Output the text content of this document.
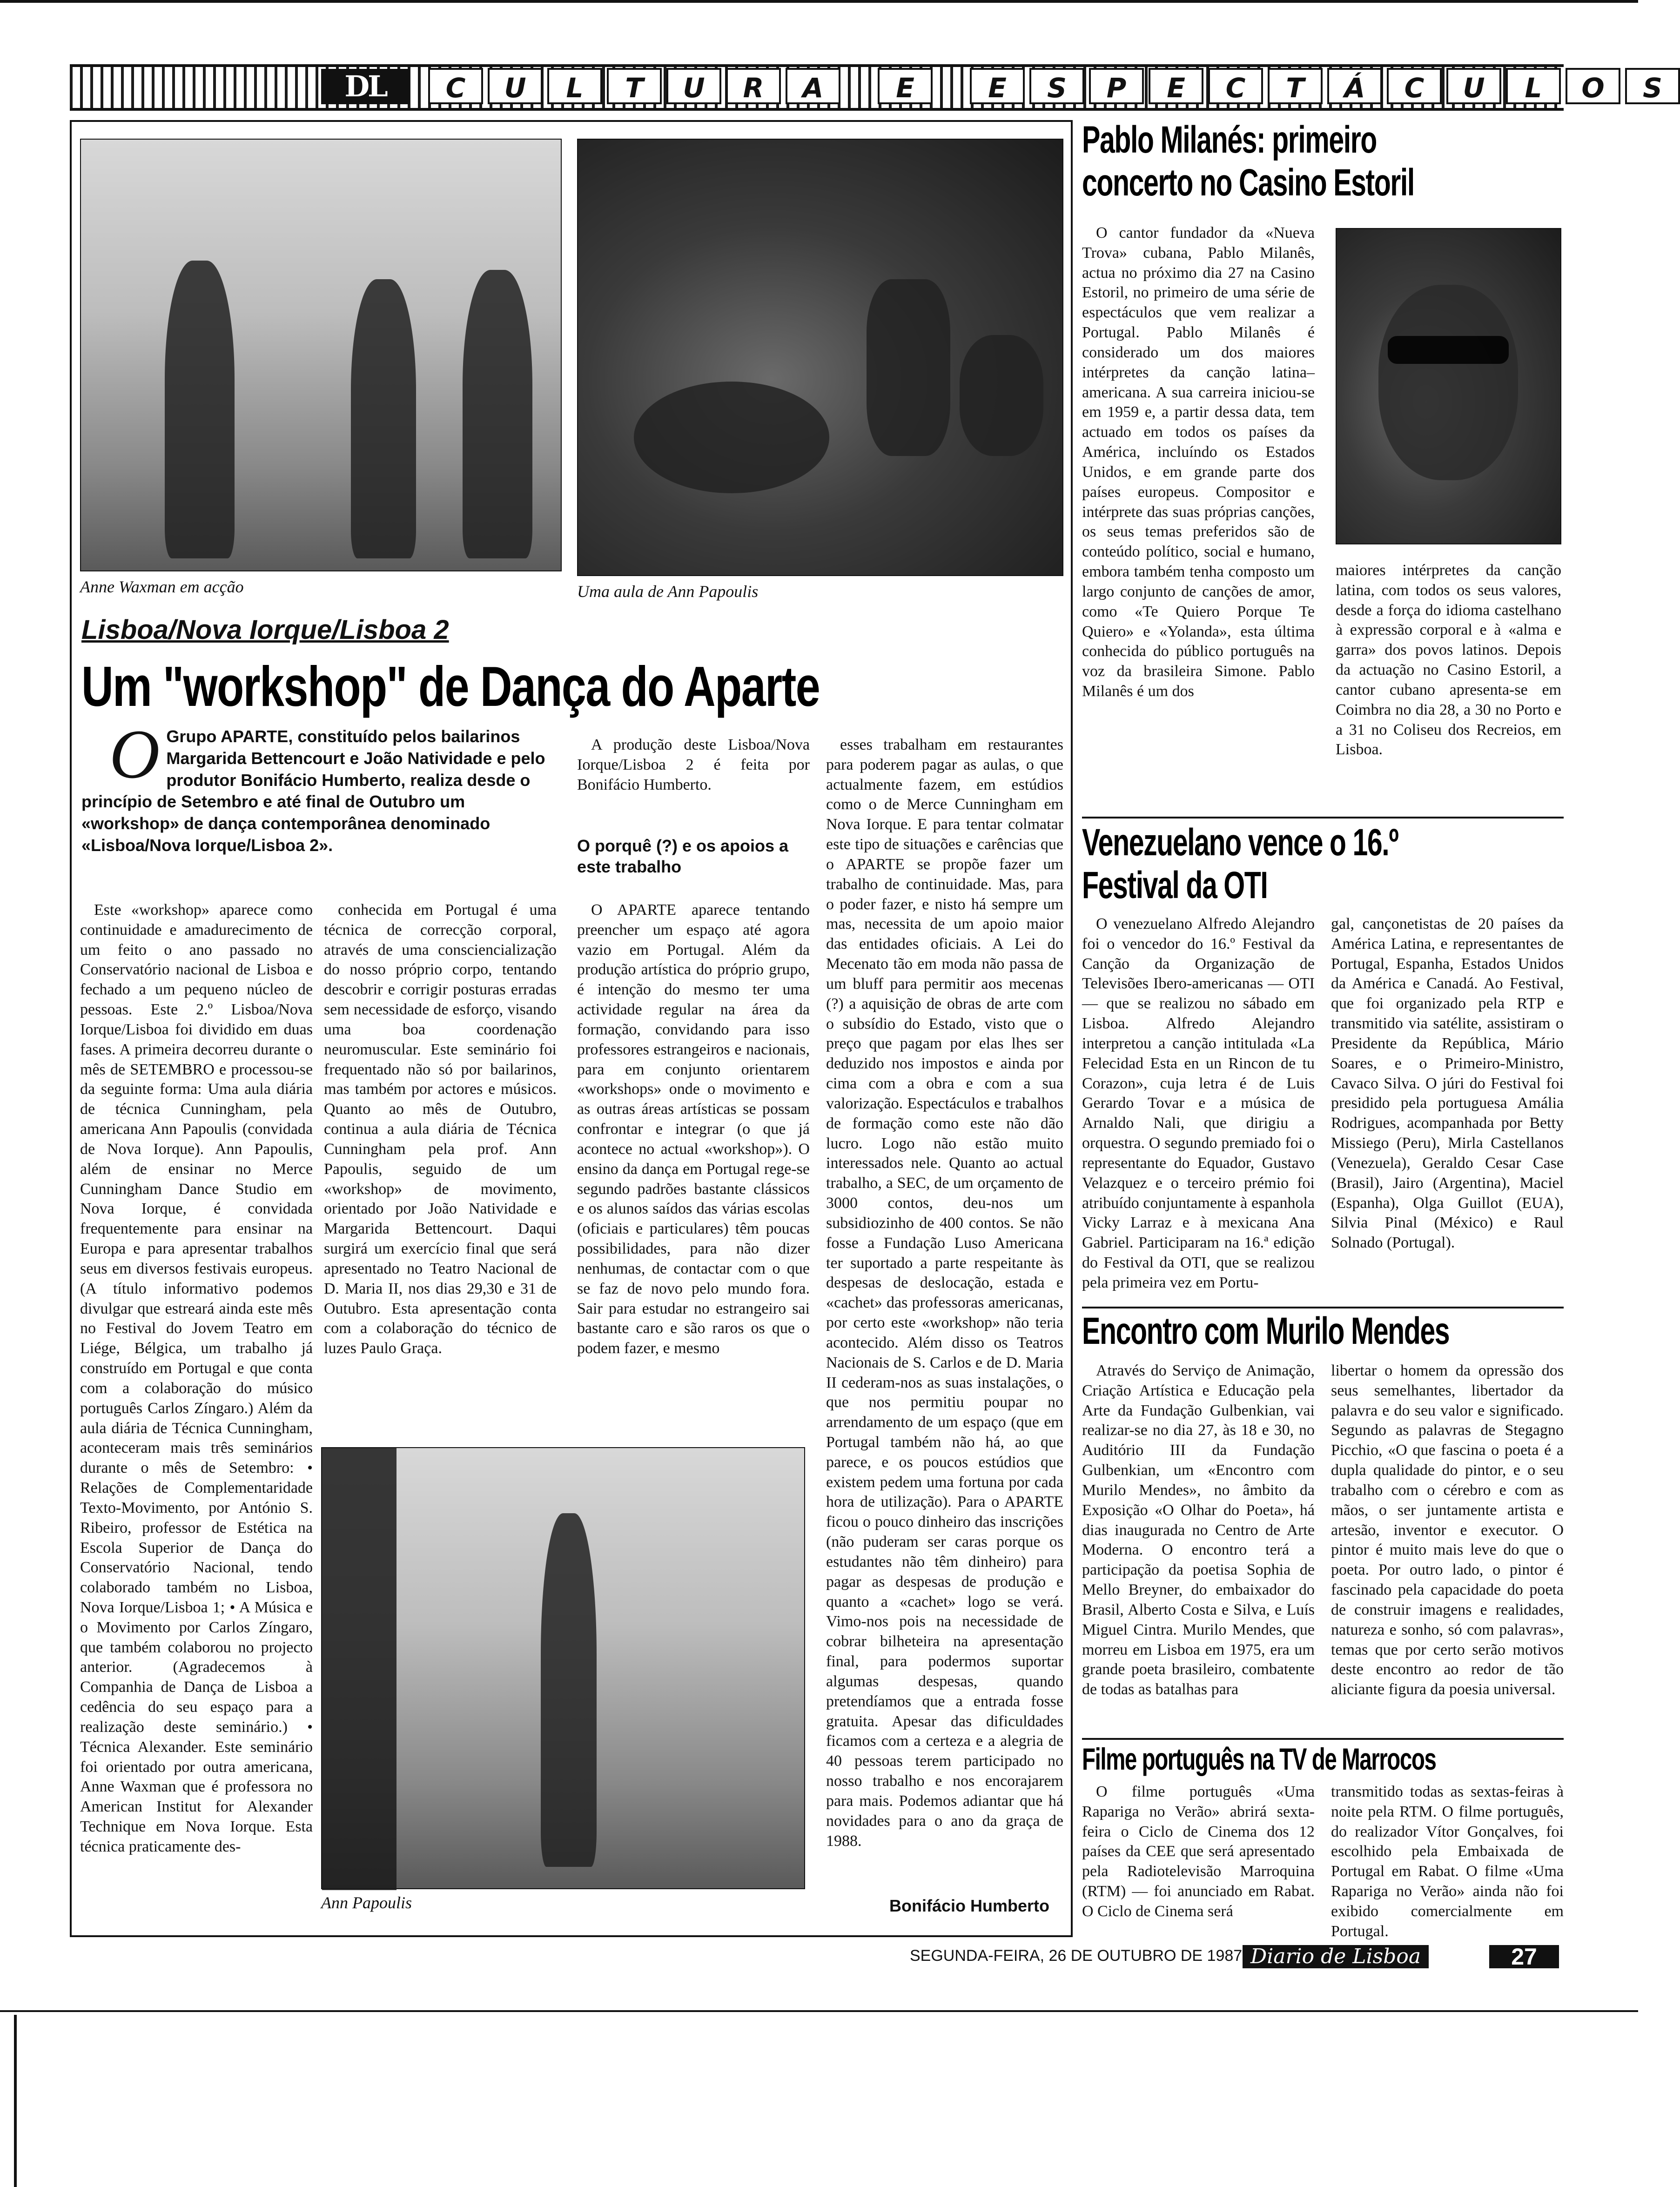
DL	C	U	L	T	U	R	A	E	E	S	P	E	C	T	Á	C	U	L	O	S
Anne Waxman em acção	Uma aula de Ann Papoulis
Lisboa/Nova Iorque/Lisboa 2
Um "workshop" de Dança do Aparte
O Grupo APARTE, constituído pelos bailarinos Margarida Bettencourt e João Natividade e pelo produtor Bonifácio Humberto, realiza desde o princípio de Setembro e até final de Outubro um «workshop» de dança contemporânea denominado «Lisboa/Nova Iorque/Lisboa 2».
Este «workshop» aparece como continuidade e amadurecimento de um feito o ano passado no Conservatório nacional de Lisboa e fechado a um pequeno núcleo de pessoas. Este 2.º Lisboa/Nova Iorque/Lisboa foi dividido em duas fases. A primeira decorreu durante o mês de SETEMBRO e processou-se da seguinte forma: Uma aula diária de técnica Cunningham, pela americana Ann Papoulis (convidada de Nova Iorque). Ann Papoulis, além de ensinar no Merce Cunningham Dance Studio em Nova Iorque, é convidada frequentemente para ensinar na Europa e para apresentar trabalhos seus em diversos festivais europeus. (A título informativo podemos divulgar que estreará ainda este mês no Festival do Jovem Teatro em Liége, Bélgica, um trabalho já construído em Portugal e que conta com a colaboração do músico português Carlos Zíngaro.) Além da aula diária de Técnica Cunningham, aconteceram mais três seminários durante o mês de Setembro: • Relações de Complementaridade Texto-Movimento, por António S. Ribeiro, professor de Estética na Escola Superior de Dança do Conservatório Nacional, tendo colaborado também no Lisboa, Nova Iorque/Lisboa 1; • A Música e o Movimento por Carlos Zíngaro, que também colaborou no projecto anterior. (Agradecemos à Companhia de Dança de Lisboa a cedência do seu espaço para a realização deste seminário.) • Técnica Alexander. Este seminário foi orientado por outra americana, Anne Waxman que é professora no American Institut for Alexander Technique em Nova Iorque. Esta técnica praticamente des-
conhecida em Portugal é uma técnica de correcção corporal, através de uma consciencialização do nosso próprio corpo, tentando descobrir e corrigir posturas erradas sem necessidade de esforço, visando uma boa coordenação neuromuscular. Este seminário foi frequentado não só por bailarinos, mas também por actores e músicos. Quanto ao mês de Outubro, continua a aula diária de Técnica Cunningham pela prof. Ann Papoulis, seguido de um «workshop» de movimento, orientado por João Natividade e Margarida Bettencourt. Daqui surgirá um exercício final que será apresentado no Teatro Nacional de D. Maria II, nos dias 29,30 e 31 de Outubro. Esta apresentação conta com a colaboração do técnico de luzes Paulo Graça.
Ann Papoulis
A produção deste Lisboa/Nova Iorque/Lisboa 2 é feita por Bonifácio Humberto.
O porquê (?) e os apoios a este trabalho
O APARTE aparece tentando preencher um espaço até agora vazio em Portugal. Além da produção artística do próprio grupo, é intenção do mesmo ter uma actividade regular na área da formação, convidando para isso professores estrangeiros e nacionais, para em conjunto orientarem «workshops» onde o movimento e as outras áreas artísticas se possam confrontar e integrar (o que já acontece no actual «workshop»). O ensino da dança em Portugal rege-se segundo padrões bastante clássicos e os alunos saídos das várias escolas (oficiais e particulares) têm poucas possibilidades, para não dizer nenhumas, de contactar com o que se faz de novo pelo mundo fora. Sair para estudar no estrangeiro sai bastante caro e são raros os que o podem fazer, e mesmo
esses trabalham em restaurantes para poderem pagar as aulas, o que actualmente fazem, em estúdios como o de Merce Cunningham em Nova Iorque. E para tentar colmatar este tipo de situações e carências que o APARTE se propõe fazer um trabalho de continuidade. Mas, para o poder fazer, e nisto há sempre um mas, necessita de um apoio maior das entidades oficiais. A Lei do Mecenato tão em moda não passa de um bluff para permitir aos mecenas (?) a aquisição de obras de arte com o subsídio do Estado, visto que o preço que pagam por elas lhes ser deduzido nos impostos e ainda por cima com a obra e com a sua valorização. Espectáculos e trabalhos de formação como este não dão lucro. Logo não estão muito interessados nele. Quanto ao actual trabalho, a SEC, de um orçamento de 3000 contos, deu-nos um subsidiozinho de 400 contos. Se não fosse a Fundação Luso Americana ter suportado a parte respeitante às despesas de deslocação, estada e «cachet» das professoras americanas, por certo este «workshop» não teria acontecido. Além disso os Teatros Nacionais de S. Carlos e de D. Maria II cederam-nos as suas instalações, o que nos permitiu poupar no arrendamento de um espaço (que em Portugal também não há, ao que parece, e os poucos estúdios que existem pedem uma fortuna por cada hora de utilização). Para o APARTE ficou o pouco dinheiro das inscrições (não puderam ser caras porque os estudantes não têm dinheiro) para pagar as despesas de produção e quanto a «cachet» logo se verá. Vimo-nos pois na necessidade de cobrar bilheteira na apresentação final, para podermos suportar algumas despesas, quando pretendíamos que a entrada fosse gratuita. Apesar das dificuldades ficamos com a certeza e a alegria de 40 pessoas terem participado no nosso trabalho e nos encorajarem para mais. Podemos adiantar que há novidades para o ano da graça de 1988.
Bonifácio Humberto
Pablo Milanés: primeiro concerto no Casino Estoril
O cantor fundador da «Nueva Trova» cubana, Pablo Milanês, actua no próximo dia 27 na Casino Estoril, no primeiro de uma série de espectáculos que vem realizar a Portugal. Pablo Milanês é considerado um dos maiores intérpretes da canção latina–americana. A sua carreira iniciou-se em 1959 e, a partir dessa data, tem actuado em todos os países da América, incluíndo os Estados Unidos, e em grande parte dos países europeus. Compositor e intérprete das suas próprias canções, os seus temas preferidos são de conteúdo político, social e humano, embora também tenha composto um largo conjunto de canções de amor, como «Te Quiero Porque Te Quiero» e «Yolanda», esta última conhecida do público português na voz da brasileira Simone. Pablo Milanês é um dos
maiores intérpretes da canção latina, com todos os seus valores, desde a força do idioma castelhano à expressão corporal e à «alma e garra» dos povos latinos. Depois da actuação no Casino Estoril, a cantor cubano apresenta-se em Coimbra no dia 28, a 30 no Porto e a 31 no Coliseu dos Recreios, em Lisboa.
Venezuelano vence o 16.º Festival da OTI
O venezuelano Alfredo Alejandro foi o vencedor do 16.º Festival da Canção da Organização de Televisões Ibero-americanas — OTI — que se realizou no sábado em Lisboa. Alfredo Alejandro interpretou a canção intitulada «La Felecidad Esta en un Rincon de tu Corazon», cuja letra é de Luis Gerardo Tovar e a música de Arnaldo Nali, que dirigiu a orquestra. O segundo premiado foi o representante do Equador, Gustavo Velazquez e o terceiro prémio foi atribuído conjuntamente à espanhola Vicky Larraz e à mexicana Ana Gabriel. Participaram na 16.ª edição do Festival da OTI, que se realizou pela primeira vez em Portu-
gal, cançonetistas de 20 países da América Latina, e representantes de Portugal, Espanha, Estados Unidos da América e Canadá. Ao Festival, que foi organizado pela RTP e transmitido via satélite, assistiram o Presidente da República, Mário Soares, e o Primeiro-Ministro, Cavaco Silva. O júri do Festival foi presidido pela portuguesa Amália Rodrigues, acompanhada por Betty Missiego (Peru), Mirla Castellanos (Venezuela), Geraldo Cesar Case (Brasil), Jairo (Argentina), Maciel (Espanha), Olga Guillot (EUA), Silvia Pinal (México) e Raul Solnado (Portugal).
Encontro com Murilo Mendes
Através do Serviço de Animação, Criação Artística e Educação pela Arte da Fundação Gulbenkian, vai realizar-se no dia 27, às 18 e 30, no Auditório III da Fundação Gulbenkian, um «Encontro com Murilo Mendes», no âmbito da Exposição «O Olhar do Poeta», há dias inaugurada no Centro de Arte Moderna. O encontro terá a participação da poetisa Sophia de Mello Breyner, do embaixador do Brasil, Alberto Costa e Silva, e Luís Miguel Cintra. Murilo Mendes, que morreu em Lisboa em 1975, era um grande poeta brasileiro, combatente de todas as batalhas para
libertar o homem da opressão dos seus semelhantes, libertador da palavra e do seu valor e significado. Segundo as palavras de Stegagno Picchio, «O que fascina o poeta é a dupla qualidade do pintor, e o seu trabalho com o cérebro e com as mãos, o ser juntamente artista e artesão, inventor e executor. O pintor é muito mais leve do que o poeta. Por outro lado, o pintor é fascinado pela capacidade do poeta de construir imagens e realidades, natureza e sonho, só com palavras», temas que por certo serão motivos deste encontro ao redor de tão aliciante figura da poesia universal.
Filme português na TV de Marrocos
O filme português «Uma Rapariga no Verão» abrirá sexta-feira o Ciclo de Cinema dos 12 países da CEE que será apresentado pela Radiotelevisão Marroquina (RTM) — foi anunciado em Rabat. O Ciclo de Cinema será
transmitido todas as sextas-feiras à noite pela RTM. O filme português, do realizador Vítor Gonçalves, foi escolhido pela Embaixada de Portugal em Rabat. O filme «Uma Rapariga no Verão» ainda não foi exibido comercialmente em Portugal.
SEGUNDA-FEIRA, 26 DE OUTUBRO DE 1987 Diario de Lisboa	27
